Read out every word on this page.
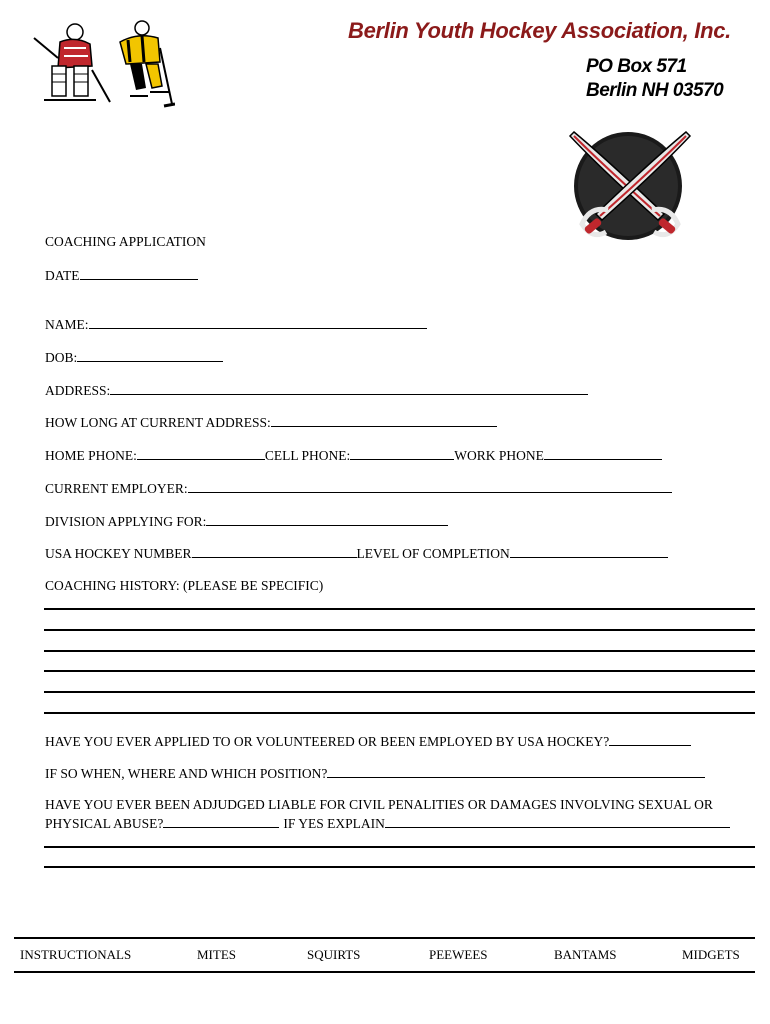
Berlin Youth Hockey Association, Inc.
PO Box 571
Berlin NH 03570
COACHING APPLICATION
DATE
NAME:
DOB:
ADDRESS:
HOW LONG AT CURRENT ADDRESS:
HOME PHONE:	CELL PHONE:	WORK PHONE
CURRENT EMPLOYER:
DIVISION APPLYING FOR:
USA HOCKEY NUMBER	LEVEL OF COMPLETION
COACHING HISTORY: (PLEASE BE SPECIFIC)
HAVE YOU EVER APPLIED TO OR VOLUNTEERED OR BEEN EMPLOYED BY USA HOCKEY?
IF SO WHEN, WHERE AND WHICH POSITION?
HAVE YOU EVER BEEN ADJUDGED LIABLE FOR CIVIL PENALITIES OR DAMAGES INVOLVING SEXUAL OR
PHYSICAL ABUSE?	IF YES EXPLAIN
INSTRUCTIONALS	MITES	SQUIRTS	PEEWEES	BANTAMS	MIDGETS
